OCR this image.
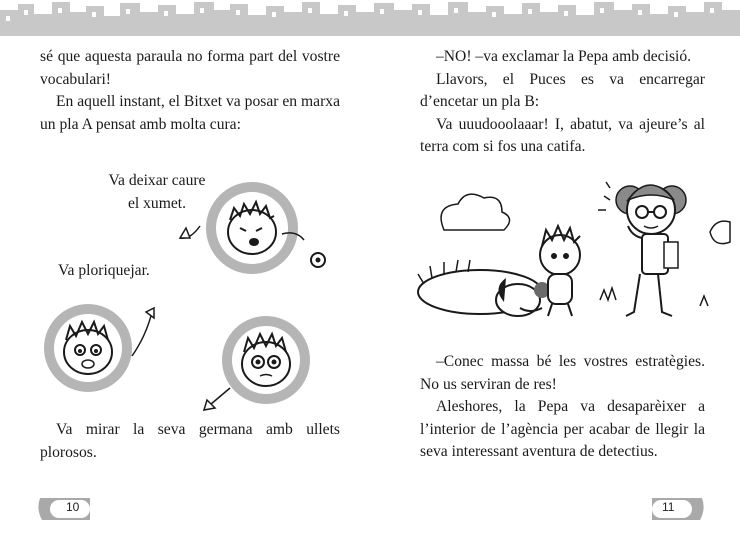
sé que aquesta paraula no forma part del vostre vocabulari!

En aquell instant, el Bitxet va posar en marxa un pla A pensat amb molta cura:

Va deixar caure
el xumet.
Va ploriquejar.

Va mirar la seva germana amb ullets plorosos.

10

–NO! –va exclamar la Pepa amb decisió.

Llavors, el Puces es va encarregar d’encetar un pla B:

Va uuudooolaaar! I, abatut, va ajeure’s al terra com si fos una catifa.

–Conec massa bé les vostres estratègies. No us serviran de res!

Aleshores, la Pepa va desaparèixer a l’interior de l’agència per acabar de llegir la seva interessant aventura de detectius.

11
